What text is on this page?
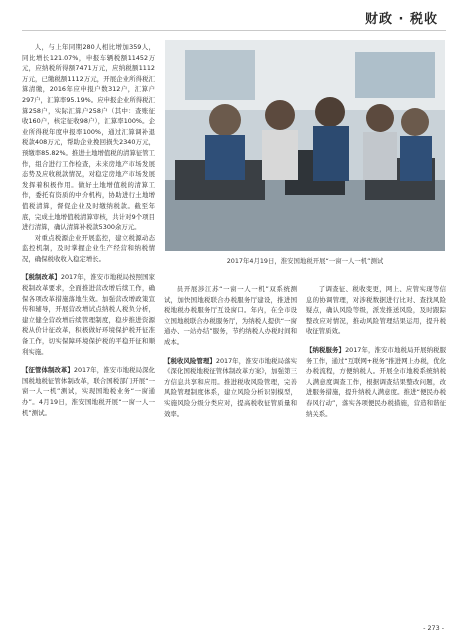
财政 · 税收

人，与上年同期280人相比增加359人，同比增长121.07%，申报车辆税额11452万元，应纳税所得额7471万元，应纳税额1112万元，已缴税额1112万元，开展企业所得税汇算清缴，2016年应申报户数312户，汇算户297户，汇算率95.19%。应申报企业所得税汇算258户，实际汇算户258户（其中：查账征收160户，核定征收98户），汇算率100%。企业所得税年度申报率100%，通过汇算调补退税款408万元，帮助企业挽回损失2340万元，预缴率85.82%。推进土地增值税的清算征管工作，组合进行工作检查，未来房地产市场发展态势及应收税款情况，对稳定房地产市场发展发挥着积极作用。做好土地增值税的清算工作，委托有资质的中介机构，协助进行土地增值税清算，督促企业及时缴纳税款。截至年底，完成土地增值税清算审核，共计对9个项目进行清算，确认清算补税款5300余万元。

对重点税源企业开展监控，建立税源动态监控机制，及时掌握企业生产经营和纳税情况，确保税收收入稳定增长。

【税制改革】2017年，淮安市地税局按照国家税制改革要求，全面推进营改增后续工作，确保各项改革措施落地生效。加强营改增政策宣传和辅导，开展营改增试点纳税人税负分析，建立健全营改增后续管理制度，稳步推进资源税从价计征改革，积极做好环境保护税开征准备工作，切实保障环境保护税的平稳开征和顺利实施。

【征管体制改革】2017年，淮安市地税局深化国税地税征管体制改革，联合国税部门开展“一窗一人一机”测试，实现国地税业务“一窗通办”。4月19日，淮安国地税开展“一窗一人一机”测试。

2017年4月19日，淮安国地税开展“一窗一人一机”测试

员开展涉江苏“一窗一人一机”双系统测试，加快国地税联合办税服务厅建设，推进国税地税办税服务厅互设窗口。年内，在全市设立国地税联合办税服务厅，为纳税人提供“一窗通办、一站办结”服务，节约纳税人办税时间和成本。

【税收风险管理】2017年，淮安市地税局落实《深化国税地税征管体制改革方案》，加强第三方信息共享和应用。推进税收风险管理，完善风险管理制度体系，建立风险分析识别模型，实施风险分级分类应对，提高税收征管质量和效率。

了调查征、税收变更，网上、应管实现等信息的协调管理，对涉税数据进行比对、查找风险疑点，确认风险等级，派发推送风险，及时跟踪整改应对情况，推动风险管理结果运用，提升税收征管质效。

【纳税服务】2017年，淮安市地税局开展纳税服务工作，通过“互联网+税务”推进网上办税，优化办税流程，方便纳税人。开展全市地税系统纳税人满意度调查工作，根据调查结果整改问题，改进服务措施，提升纳税人满意度。推进“便民办税春风行动”，落实各项便民办税措施，营造和谐征纳关系。

- 273 -
